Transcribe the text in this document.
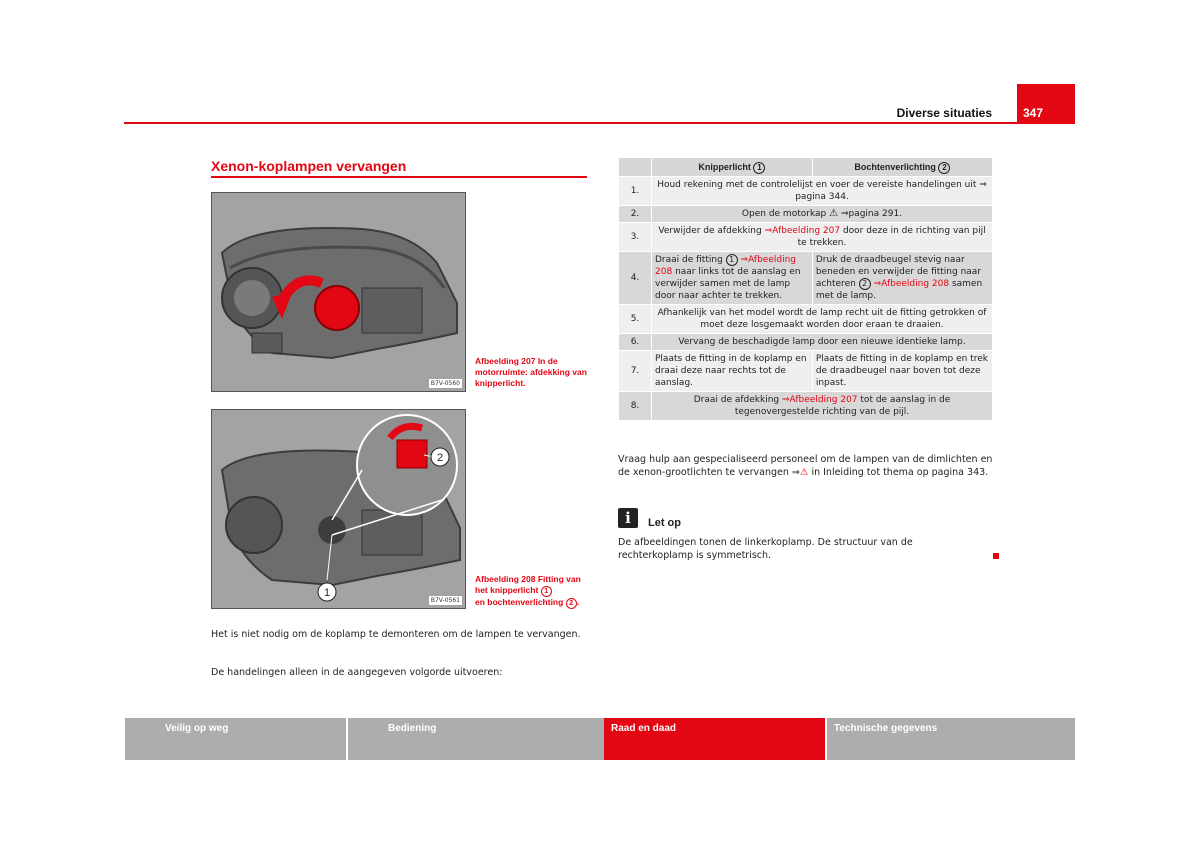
Diverse situaties	347
Xenon-koplampen vervangen
B7V-0560
Afbeelding 207 In de motorruimte: afdekking van knipperlicht.
1
2
B7V-0561
Afbeelding 208 Fitting van het knipperlicht 1
en bochtenverlichting 2 .
Het is niet nodig om de koplamp te demonteren om de lampen te vervangen.
De handelingen alleen in de aangegeven volgorde uitvoeren:
	Knipperlicht 1	Bochtenverlichting 2
1.	Houd rekening met de controlelijst en voer de vereiste handelingen uit ⇒ pagina 344.	
2.	Open de motorkap ⚠ ⇒pagina 291.	
3.	Verwijder de afdekking ⇒Afbeelding 207 door deze in de richting van pijl te trekken.	
4.	Draai de fitting 1 ⇒Afbeelding 208 naar links tot de aanslag en verwijder samen met de lamp door naar achter te trekken.	Druk de draadbeugel stevig naar beneden en verwijder de fitting naar achteren 2 ⇒Afbeelding 208 samen met de lamp.
5.	Afhankelijk van het model wordt de lamp recht uit de fitting getrokken of moet deze losgemaakt worden door eraan te draaien.	
6.	Vervang de beschadigde lamp door een nieuwe identieke lamp.	
7.	Plaats de fitting in de koplamp en draai deze naar rechts tot de aanslag.	Plaats de fitting in de koplamp en trek de draadbeugel naar boven tot deze inpast.
8.	Draai de afdekking ⇒Afbeelding 207 tot de aanslag in de tegenovergestelde richting van de pijl.	
Vraag hulp aan gespecialiseerd personeel om de lampen van de dimlichten en de xenon-grootlichten te vervangen ⇒⚠ in Inleiding tot thema op pagina 343.
i	Let op
De afbeeldingen tonen de linkerkoplamp. De structuur van de rechterkoplamp is symmetrisch.
Veilig op weg	Bediening	Raad en daad	Technische gegevens
